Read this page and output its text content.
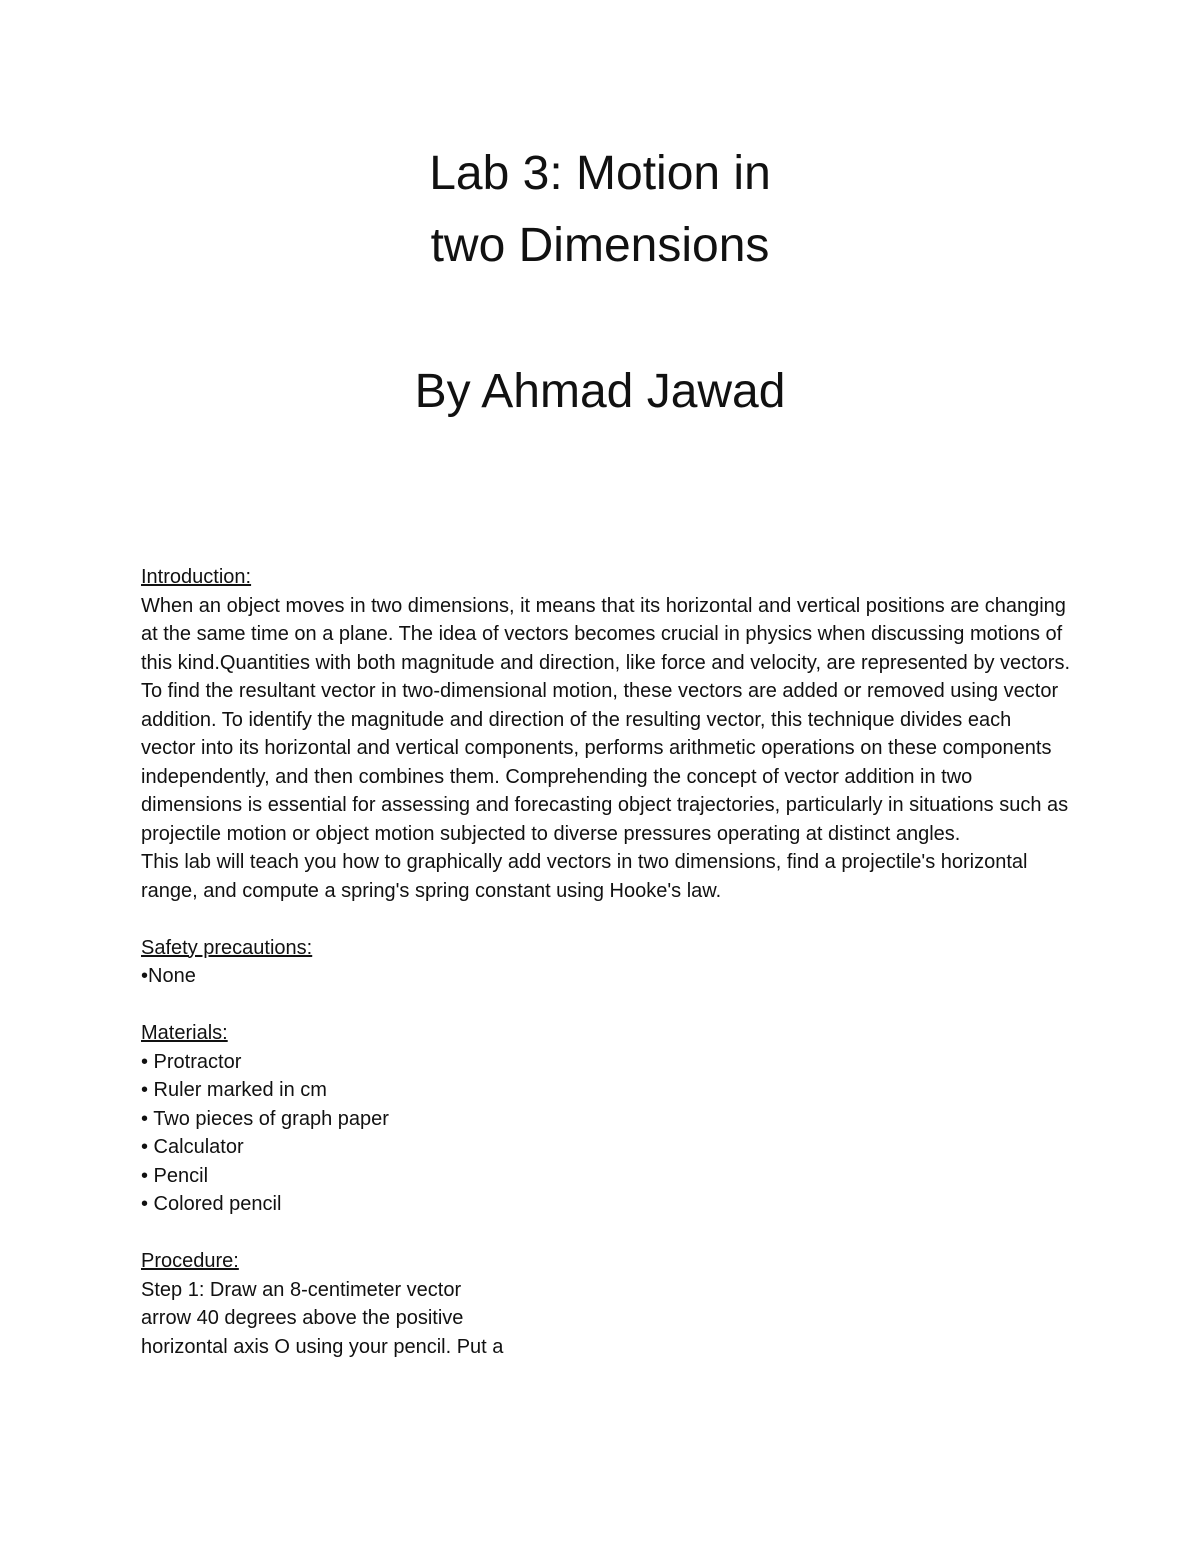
Lab 3: Motion in
two Dimensions
By Ahmad Jawad

Introduction:

When an object moves in two dimensions, it means that its horizontal and vertical positions are changing at the same time on a plane. The idea of vectors becomes crucial in physics when discussing motions of this kind.Quantities with both magnitude and direction, like force and velocity, are represented by vectors. To find the resultant vector in two-dimensional motion, these vectors are added or removed using vector addition. To identify the magnitude and direction of the resulting vector, this technique divides each vector into its horizontal and vertical components, performs arithmetic operations on these components independently, and then combines them. Comprehending the concept of vector addition in two dimensions is essential for assessing and forecasting object trajectories, particularly in situations such as projectile motion or object motion subjected to diverse pressures operating at distinct angles.

This lab will teach you how to graphically add vectors in two dimensions, find a projectile's horizontal range, and compute a spring's spring constant using Hooke's law.

Safety precautions:

•None

Materials:

• Protractor
• Ruler marked in cm
• Two pieces of graph paper
• Calculator
• Pencil
• Colored pencil

Procedure:

Step 1: Draw an 8-centimeter vector
arrow 40 degrees above the positive
horizontal axis O using your pencil. Put a
